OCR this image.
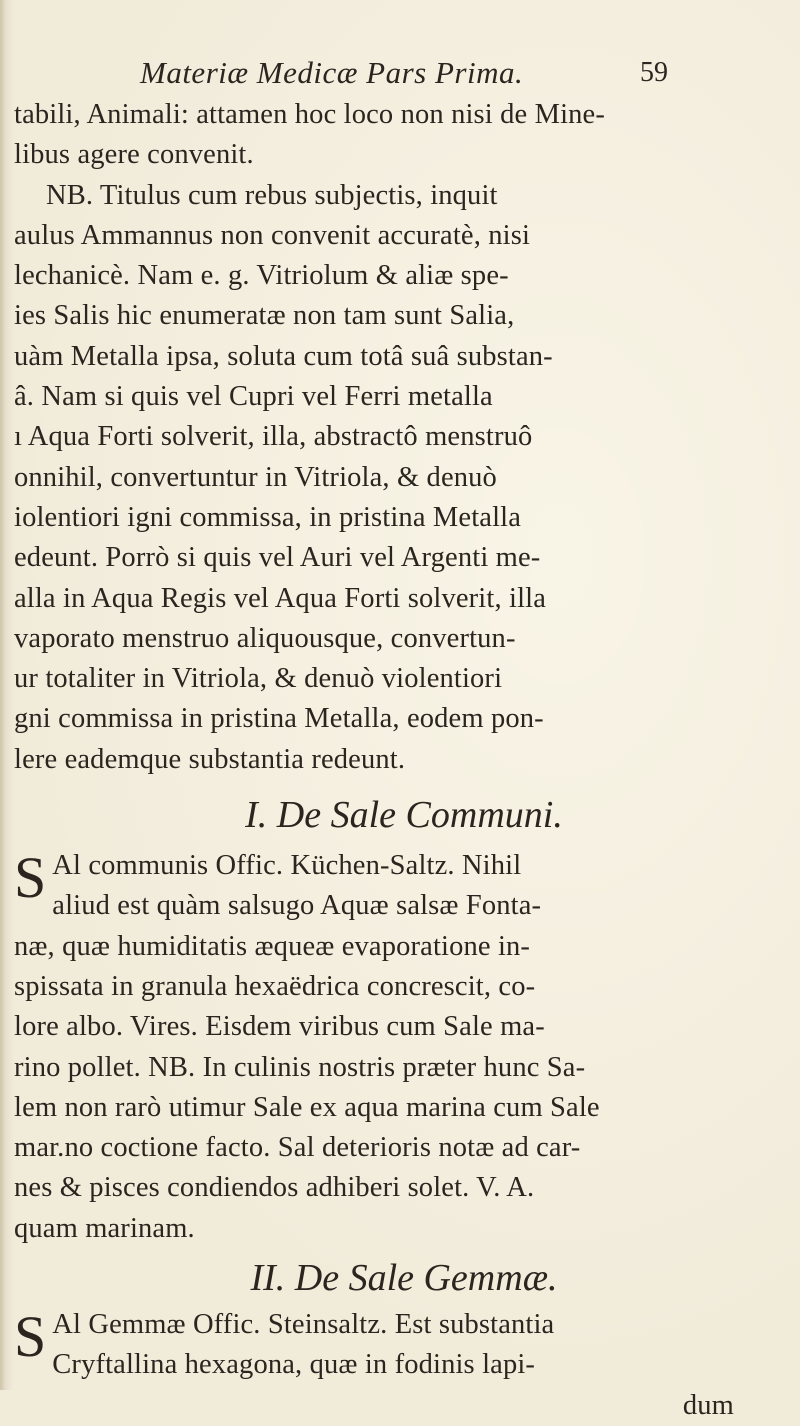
Materiæ Medicæ Pars Prima.	59
tabili, Animali: attamen hoc loco non nisi de Mine-
libus agere convenit.
NB. Titulus cum rebus subjectis, inquit
aulus Ammannus non convenit accuratè, nisi
lechanicè. Nam e. g. Vitriolum & aliæ spe-
ies Salis hic enumeratæ non tam sunt Salia,
uàm Metalla ipsa, soluta cum totâ suâ substan-
â. Nam si quis vel Cupri vel Ferri metalla
ı Aqua Forti solverit, illa, abstractô menstruô
onnihil, convertuntur in Vitriola, & denuò
iolentiori igni commissa, in pristina Metalla
edeunt. Porrò si quis vel Auri vel Argenti me-
alla in Aqua Regis vel Aqua Forti solverit, illa
vaporato menstruo aliquousque, convertun-
ur totaliter in Vitriola, & denuò violentiori
gni commissa in pristina Metalla, eodem pon-
lere eademque substantia redeunt.
I. De Sale Communi.
S Al communis Offic. Küchen-Saltz. Nihil
aliud est quàm salsugo Aquæ salsæ Fonta-
næ, quæ humiditatis æqueæ evaporatione in-
spissata in granula hexaëdrica concrescit, co-
lore albo. Vires. Eisdem viribus cum Sale ma-
rino pollet. NB. In culinis nostris præter hunc Sa-
lem non rarò utimur Sale ex aqua marina cum Sale
mar.no coctione facto. Sal deterioris notæ ad car-
nes & pisces condiendos adhiberi solet. V. A.
quam marinam.
II. De Sale Gemmæ.
S Al Gemmæ Offic. Steinsaltz. Est substantia
Cryftallina hexagona, quæ in fodinis lapi-
dum
